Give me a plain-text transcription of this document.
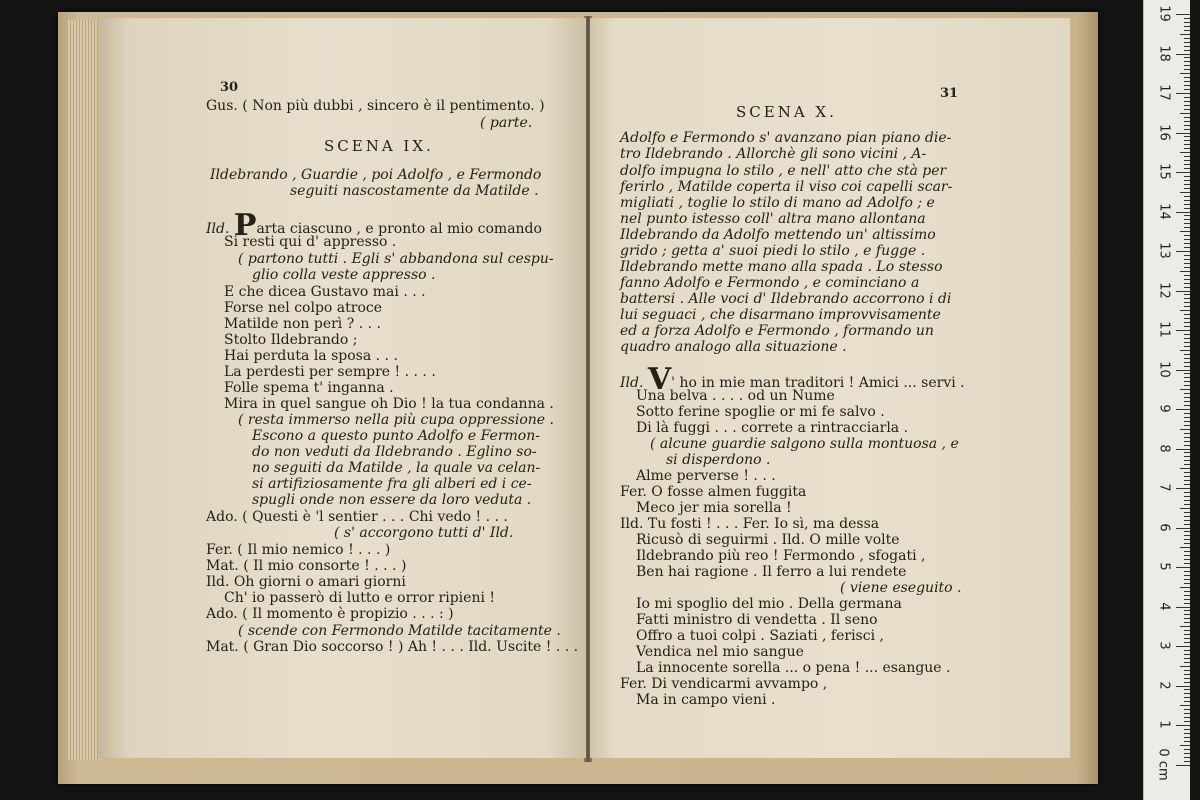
30
Gus. ( Non più dubbi , sincero è il pentimento. )
( parte.
SCENA IX.
Ildebrando , Guardie , poi Adolfo , e Fermondo
seguiti nascostamente da Matilde .
Ild. Parta ciascuno , e pronto al mio comando
Si resti qui d' appresso .
( partono tutti . Egli s' abbandona sul cespu-
glio colla veste appresso .
E che dicea Gustavo mai . . .
Forse nel colpo atroce
Matilde non perì ? . . .
Stolto Ildebrando ;
Hai perduta la sposa . . .
La perdesti per sempre ! . . . .
Folle spema t' inganna .
Mira in quel sangue oh Dio ! la tua condanna .
( resta immerso nella più cupa oppressione .
Escono a questo punto Adolfo e Fermon-
do non veduti da Ildebrando . Eglino so-
no seguiti da Matilde , la quale va celan-
si artifiziosamente fra gli alberi ed i ce-
spugli onde non essere da loro veduta .
Ado. ( Questi è 'l sentier . . . Chi vedo ! . . .
( s' accorgono tutti d' Ild.
Fer. ( Il mio nemico ! . . . )
Mat. ( Il mio consorte ! . . . )
Ild. Oh giorni o amari giorni
Ch' io passerò di lutto e orror ripieni !
Ado. ( Il momento è propizio . . . : )
( scende con Fermondo Matilde tacitamente .
Mat. ( Gran Dio soccorso ! ) Ah ! . . . Ild. Uscite ! . . .
31
SCENA X.
Adolfo e Fermondo s' avanzano pian piano die-
tro Ildebrando . Allorchè gli sono vicini , A-
dolfo impugna lo stilo , e nell' atto che stà per
ferirlo , Matilde coperta il viso coi capelli scar-
migliati , toglie lo stilo di mano ad Adolfo ; e
nel punto istesso coll' altra mano allontana
Ildebrando da Adolfo mettendo un' altissimo
grido ; getta a' suoi piedi lo stilo , e fugge .
Ildebrando mette mano alla spada . Lo stesso
fanno Adolfo e Fermondo , e cominciano a
battersi . Alle voci d' Ildebrando accorrono i di
lui seguaci , che disarmano improvvisamente
ed a forza Adolfo e Fermondo , formando un
quadro analogo alla situazione .
Ild. V' ho in mie man traditori ! Amici ... servi .
Una belva . . . . od un Nume
Sotto ferine spoglie or mi fe salvo .
Di là fuggi . . . correte a rintracciarla .
( alcune guardie salgono sulla montuosa , e
si disperdono .
Alme perverse ! . . .
Fer. O fosse almen fuggita
Meco jer mia sorella !
Ild. Tu fosti ! . . . Fer. Io sì, ma dessa
Ricusò di seguirmi . Ild. O mille volte
Ildebrando più reo ! Fermondo , sfogati ,
Ben hai ragione . Il ferro a lui rendete
( viene eseguito .
Io mi spoglio del mio . Della germana
Fatti ministro di vendetta . Il seno
Offro a tuoi colpi . Saziati , ferisci ,
Vendica nel mio sangue
La innocente sorella ... o pena ! ... esangue .
Fer. Di vendicarmi avvampo ,
Ma in campo vieni .
19
18
17
16
15
14
13
12
11
10
9
8
7
6
5
4
3
2
1
0 cm
